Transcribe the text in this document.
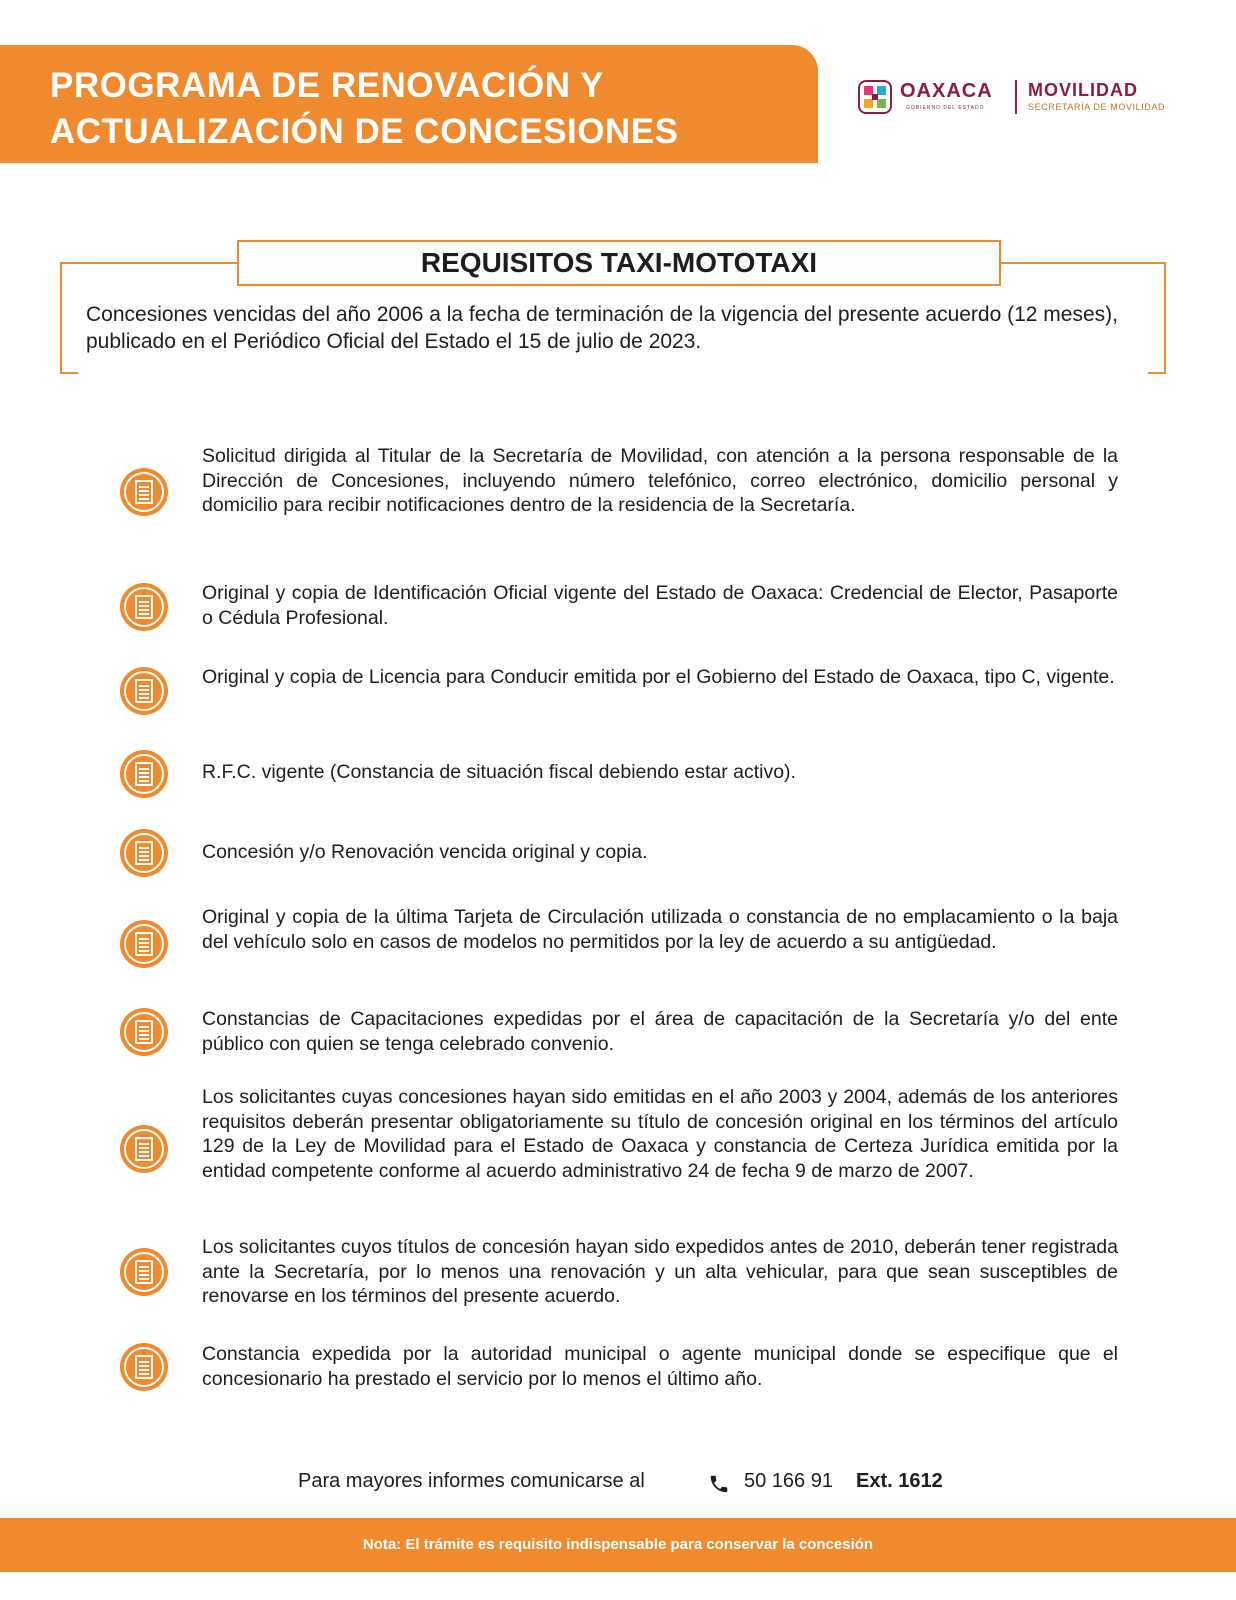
PROGRAMA DE RENOVACIÓN Y
ACTUALIZACIÓN DE CONCESIONES
OAXACA
GOBIERNO DEL ESTADO
MOVILIDAD
SECRETARÍA DE MOVILIDAD
REQUISITOS TAXI-MOTOTAXI

Concesiones vencidas del año 2006 a la fecha de terminación de la vigencia del presente acuerdo (12 meses), publicado en el Periódico Oficial del Estado el 15 de julio de 2023.

Solicitud dirigida al Titular de la Secretaría de Movilidad, con atención a la persona responsable de la Dirección de Concesiones, incluyendo número telefónico, correo electrónico, domicilio personal y domicilio para recibir notificaciones dentro de la residencia de la Secretaría.

Original y copia de Identificación Oficial vigente del Estado de Oaxaca: Credencial de Elector, Pasaporte o Cédula Profesional.

Original y copia de Licencia para Conducir emitida por el Gobierno del Estado de Oaxaca, tipo C, vigente.

R.F.C. vigente (Constancia de situación fiscal debiendo estar activo).

Concesión y/o Renovación vencida original y copia.

Original y copia de la última Tarjeta de Circulación utilizada o constancia de no emplacamiento o la baja del vehículo solo en casos de modelos no permitidos por la ley de acuerdo a su antigüedad.

Constancias de Capacitaciones expedidas por el área de capacitación de la Secretaría y/o del ente público con quien se tenga celebrado convenio.

Los solicitantes cuyas concesiones hayan sido emitidas en el año 2003 y 2004, además de los anteriores requisitos deberán presentar obligatoriamente su título de concesión original en los términos del artículo 129 de la Ley de Movilidad para el Estado de Oaxaca y constancia de Certeza Jurídica emitida por la entidad competente conforme al acuerdo administrativo 24 de fecha 9 de marzo de 2007.

Los solicitantes cuyos títulos de concesión hayan sido expedidos antes de 2010, deberán tener registrada ante la Secretaría, por lo menos una renovación y un alta vehicular, para que sean susceptibles de renovarse en los términos del presente acuerdo.

Constancia expedida por la autoridad municipal o agente municipal donde se especifique que el concesionario ha prestado el servicio por lo menos el último año.

Para mayores informes comunicarse al	50 166 91 Ext. 1612

Nota: El trámite es requisito indispensable para conservar la concesión
